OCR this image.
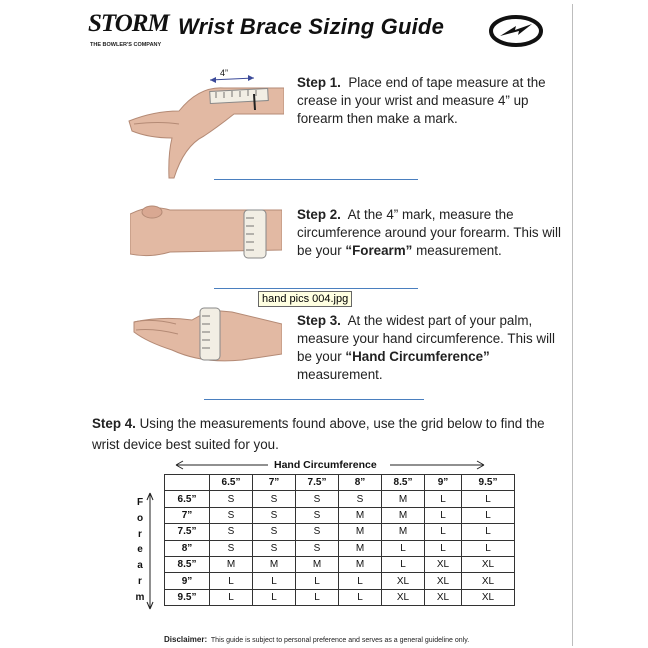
STORM
THE BOWLER'S COMPANY
Wrist Brace Sizing Guide
4”
Step 1. Place end of tape measure at the crease in your wrist and measure 4” up forearm then make a mark.
Step 2. At the 4” mark, measure the circumference around your forearm. This will be your “Forearm” measurement.
hand pics 004.jpg
Step 3. At the widest part of your palm, measure your hand circumference. This will be your “Hand Circumference” measurement.
Step 4. Using the measurements found above, use the grid below to find the wrist device best suited for you.
Hand Circumference
F
o
r
e
a
r
m
	6.5”	7”	7.5”	8”	8.5”	9”	9.5”
6.5”	S	S	S	S	M	L	L
7”	S	S	S	M	M	L	L
7.5”	S	S	S	M	M	L	L
8”	S	S	S	M	L	L	L
8.5”	M	M	M	M	L	XL	XL
9”	L	L	L	L	XL	XL	XL
9.5”	L	L	L	L	XL	XL	XL
Disclaimer: This guide is subject to personal preference and serves as a general guideline only.
